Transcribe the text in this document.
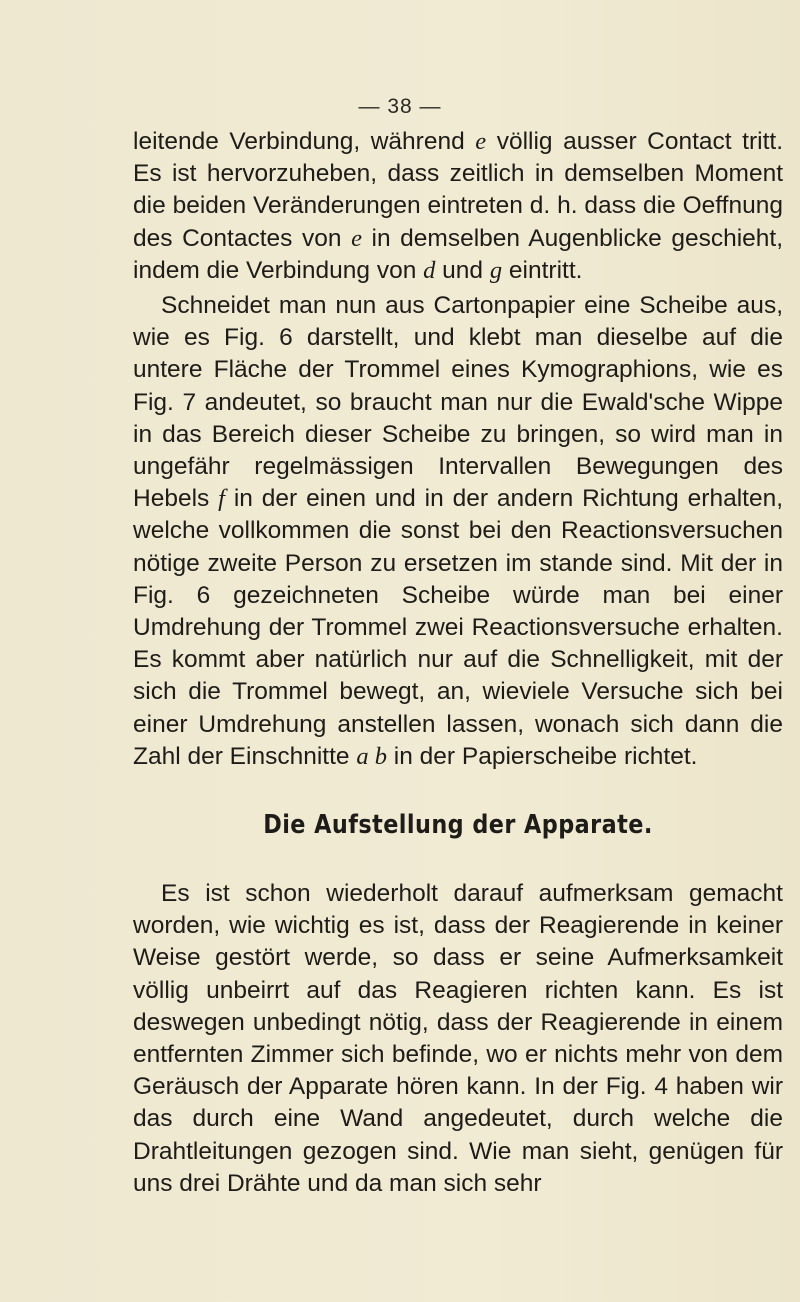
— 38 —

leitende Verbindung, während e völlig ausser Contact tritt. Es ist hervorzuheben, dass zeitlich in demselben Moment die beiden Veränderungen eintreten d. h. dass die Oeffnung des Contactes von e in demselben Augenblicke geschieht, indem die Verbindung von d und g eintritt.

Schneidet man nun aus Cartonpapier eine Scheibe aus, wie es Fig. 6 darstellt, und klebt man dieselbe auf die untere Fläche der Trommel eines Kymographions, wie es Fig. 7 andeutet, so braucht man nur die Ewald'sche Wippe in das Bereich dieser Scheibe zu bringen, so wird man in ungefähr regelmässigen Intervallen Bewegungen des Hebels f in der einen und in der andern Richtung erhalten, welche vollkommen die sonst bei den Reactionsversuchen nötige zweite Person zu ersetzen im stande sind. Mit der in Fig. 6 gezeichneten Scheibe würde man bei einer Umdrehung der Trommel zwei Reactionsversuche erhalten. Es kommt aber natürlich nur auf die Schnelligkeit, mit der sich die Trommel bewegt, an, wieviele Versuche sich bei einer Umdrehung anstellen lassen, wonach sich dann die Zahl der Einschnitte a b in der Papierscheibe richtet.

Die Aufstellung der Apparate.

Es ist schon wiederholt darauf aufmerksam gemacht worden, wie wichtig es ist, dass der Reagierende in keiner Weise gestört werde, so dass er seine Aufmerksamkeit völlig unbeirrt auf das Reagieren richten kann. Es ist deswegen unbedingt nötig, dass der Reagierende in einem entfernten Zimmer sich befinde, wo er nichts mehr von dem Geräusch der Apparate hören kann. In der Fig. 4 haben wir das durch eine Wand angedeutet, durch welche die Drahtleitungen gezogen sind. Wie man sieht, genügen für uns drei Drähte und da man sich sehr
